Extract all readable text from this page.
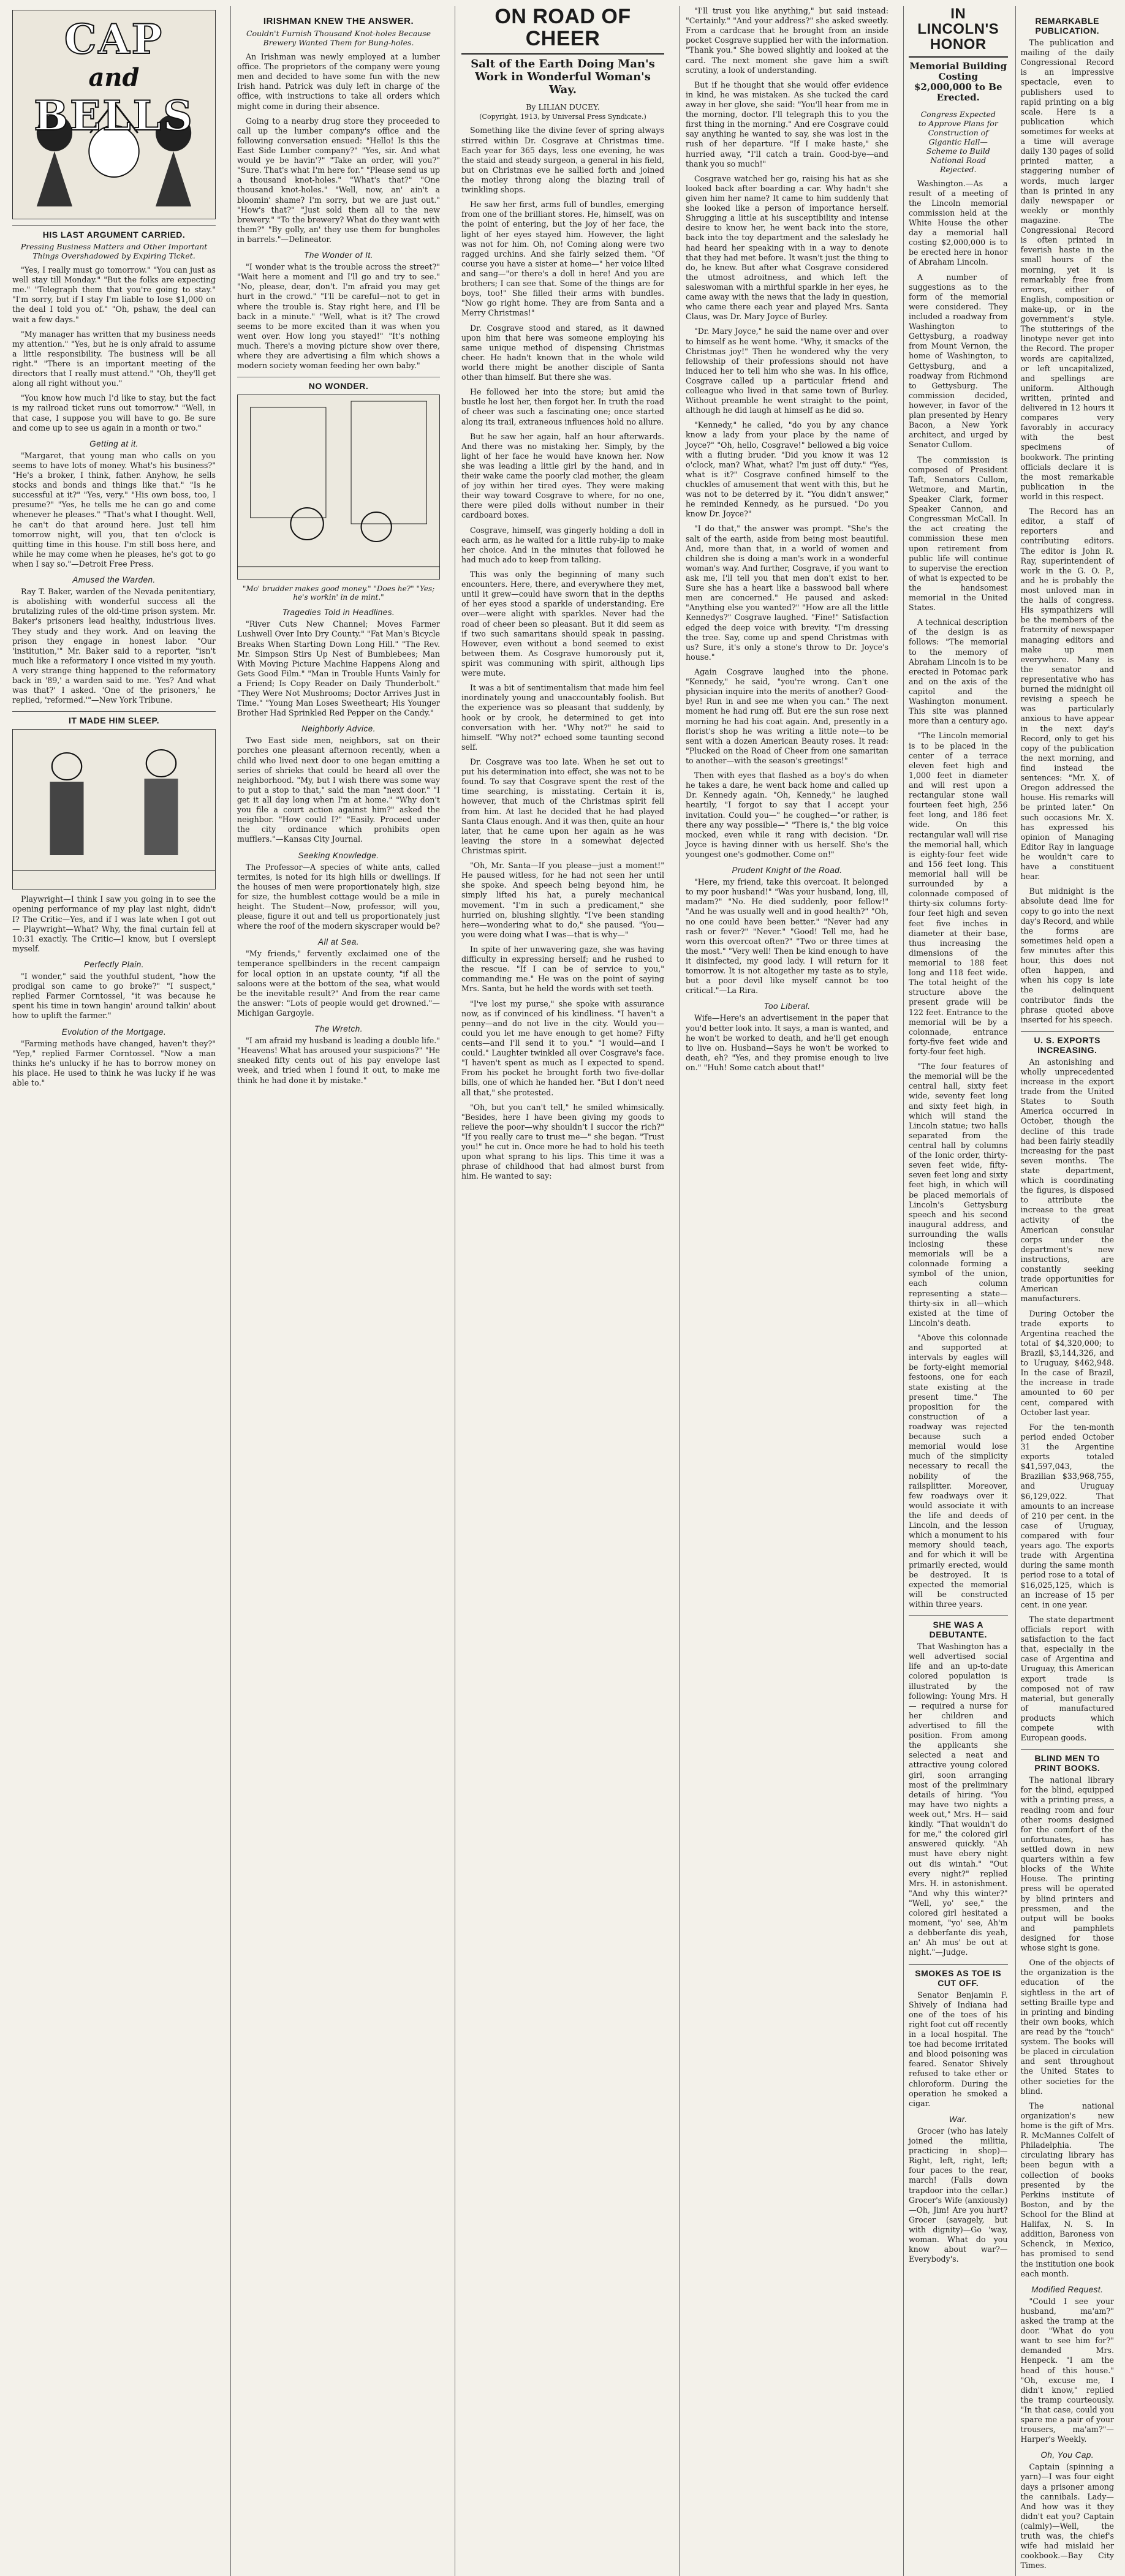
CAP
and
BELLS
HIS LAST ARGUMENT CARRIED.
Pressing Business Matters and Other Important Things Overshadowed by Expiring Ticket.

"Yes, I really must go tomorrow." "You can just as well stay till Monday." "But the folks are expecting me." "Telegraph them that you're going to stay." "I'm sorry, but if I stay I'm liable to lose $1,000 on the deal I told you of." "Oh, pshaw, the deal can wait a few days."

"My manager has written that my business needs my attention." "Yes, but he is only afraid to assume a little responsibility. The business will be all right." "There is an important meeting of the directors that I really must attend." "Oh, they'll get along all right without you."

"You know how much I'd like to stay, but the fact is my railroad ticket runs out tomorrow." "Well, in that case, I suppose you will have to go. Be sure and come up to see us again in a month or two."

Getting at it.

"Margaret, that young man who calls on you seems to have lots of money. What's his business?" "He's a broker, I think, father. Anyhow, he sells stocks and bonds and things like that." "Is he successful at it?" "Yes, very." "His own boss, too, I presume?" "Yes, he tells me he can go and come whenever he pleases." "That's what I thought. Well, he can't do that around here. Just tell him tomorrow night, will you, that ten o'clock is quitting time in this house. I'm still boss here, and while he may come when he pleases, he's got to go when I say so."—Detroit Free Press.

Amused the Warden.

Ray T. Baker, warden of the Nevada penitentiary, is abolishing with wonderful success all the brutalizing rules of the old-time prison system. Mr. Baker's prisoners lead healthy, industrious lives. They study and they work. And on leaving the prison they engage in honest labor. "Our 'institution,'" Mr. Baker said to a reporter, "isn't much like a reformatory I once visited in my youth. A very strange thing happened to the reformatory back in '89,' a warden said to me. 'Yes? And what was that?' I asked. 'One of the prisoners,' he replied, 'reformed.'"—New York Tribune.

IT MADE HIM SLEEP.

Playwright—I think I saw you going in to see the opening performance of my play last night, didn't I? The Critic—Yes, and if I was late when I got out— Playwright—What? Why, the final curtain fell at 10:31 exactly. The Critic—I know, but I overslept myself.

Perfectly Plain.

"I wonder," said the youthful student, "how the prodigal son came to go broke?" "I suspect," replied Farmer Corntossel, "it was because he spent his time in town hangin' around talkin' about how to uplift the farmer."

Evolution of the Mortgage.

"Farming methods have changed, haven't they?" "Yep," replied Farmer Corntossel. "Now a man thinks he's unlucky if he has to borrow money on his place. He used to think he was lucky if he was able to."

IRISHMAN KNEW THE ANSWER.
Couldn't Furnish Thousand Knot-holes Because Brewery Wanted Them for Bung-holes.

An Irishman was newly employed at a lumber office. The proprietors of the company were young men and decided to have some fun with the new Irish hand. Patrick was duly left in charge of the office, with instructions to take all orders which might come in during their absence.

Going to a nearby drug store they proceeded to call up the lumber company's office and the following conversation ensued: "Hello! Is this the East Side Lumber company?" "Yes, sir. And what would ye be havin'?" "Take an order, will you?" "Sure. That's what I'm here for." "Please send us up a thousand knot-holes." "What's that?" "One thousand knot-holes." "Well, now, an' ain't a bloomin' shame? I'm sorry, but we are just out." "How's that?" "Just sold them all to the new brewery." "To the brewery? What do they want with them?" "By golly, an' they use them for bungholes in barrels."—Delineator.

The Wonder of It.

"I wonder what is the trouble across the street?" "Wait here a moment and I'll go and try to see." "No, please, dear, don't. I'm afraid you may get hurt in the crowd." "I'll be careful—not to get in where the trouble is. Stay right here, and I'll be back in a minute." "Well, what is it? The crowd seems to be more excited than it was when you went over. How long you stayed!" "It's nothing much. There's a moving picture show over there, where they are advertising a film which shows a modern society woman feeding her own baby."

NO WONDER.
"Mo' brudder makes good money." "Does he?" "Yes; he's workin' in de mint."
Tragedies Told in Headlines.

"River Cuts New Channel; Moves Farmer Lushwell Over Into Dry County." "Fat Man's Bicycle Breaks When Starting Down Long Hill." "The Rev. Mr. Simpson Stirs Up Nest of Bumblebees; Man With Moving Picture Machine Happens Along and Gets Good Film." "Man in Trouble Hunts Vainly for a Friend; Is Copy Reader on Daily Thunderbolt." "They Were Not Mushrooms; Doctor Arrives Just in Time." "Young Man Loses Sweetheart; His Younger Brother Had Sprinkled Red Pepper on the Candy."

Neighborly Advice.

Two East side men, neighbors, sat on their porches one pleasant afternoon recently, when a child who lived next door to one began emitting a series of shrieks that could be heard all over the neighborhood. "My, but I wish there was some way to put a stop to that," said the man "next door." "I get it all day long when I'm at home." "Why don't you file a court action against him?" asked the neighbor. "How could I?" "Easily. Proceed under the city ordinance which prohibits open mufflers."—Kansas City Journal.

Seeking Knowledge.

The Professor—A species of white ants, called termites, is noted for its high hills or dwellings. If the houses of men were proportionately high, size for size, the humblest cottage would be a mile in height. The Student—Now, professor, will you, please, figure it out and tell us proportionately just where the roof of the modern skyscraper would be?

All at Sea.

"My friends," fervently exclaimed one of the temperance spellbinders in the recent campaign for local option in an upstate county, "if all the saloons were at the bottom of the sea, what would be the inevitable result?" And from the rear came the answer: "Lots of people would get drowned."—Michigan Gargoyle.

The Wretch.

"I am afraid my husband is leading a double life." "Heavens! What has aroused your suspicions?" "He sneaked fifty cents out of his pay envelope last week, and tried when I found it out, to make me think he had done it by mistake."

ON ROAD OF CHEER
Salt of the Earth Doing Man's Work in Wonderful Woman's Way.
By LILIAN DUCEY.
(Copyright, 1913, by Universal Press Syndicate.)

Something like the divine fever of spring always stirred within Dr. Cosgrave at Christmas time. Each year for 365 days, less one evening, he was the staid and steady surgeon, a general in his field, but on Christmas eve he sallied forth and joined the motley throng along the blazing trail of twinkling shops.

He saw her first, arms full of bundles, emerging from one of the brilliant stores. He, himself, was on the point of entering, but the joy of her face, the light of her eyes stayed him. However, the light was not for him. Oh, no! Coming along were two ragged urchins. And she fairly seized them. "Of course you have a sister at home—" her voice lilted and sang—"or there's a doll in here! And you are brothers; I can see that. Some of the things are for boys, too!" She filled their arms with bundles. "Now go right home. They are from Santa and a Merry Christmas!"

Dr. Cosgrave stood and stared, as it dawned upon him that here was someone employing his same unique method of dispensing Christmas cheer. He hadn't known that in the whole wild world there might be another disciple of Santa other than himself. But there she was.

He followed her into the store; but amid the bustle he lost her, then forgot her. In truth the road of cheer was such a fascinating one; once started along its trail, extraneous influences hold no allure.

But he saw her again, half an hour afterwards. And there was no mistaking her. Simply, by the light of her face he would have known her. Now she was leading a little girl by the hand, and in their wake came the poorly clad mother, the gleam of joy within her tired eyes. They were making their way toward Cosgrave to where, for no one, there were piled dolls without number in their cardboard boxes.

Cosgrave, himself, was gingerly holding a doll in each arm, as he waited for a little ruby-lip to make her choice. And in the minutes that followed he had much ado to keep from talking.

This was only the beginning of many such encounters. Here, there, and everywhere they met, until it grew—could have sworn that in the depths of her eyes stood a sparkle of understanding. Ere over—were alight with sparkles. Never had the road of cheer been so pleasant. But it did seem as if two such samaritans should speak in passing. However, even without a bond seemed to exist between them. As Cosgrave humorously put it, spirit was communing with spirit, although lips were mute.

It was a bit of sentimentalism that made him feel inordinately young and unaccountably foolish. But the experience was so pleasant that suddenly, by hook or by crook, he determined to get into conversation with her. "Why not?" he said to himself. "Why not?" echoed some taunting second self.

Dr. Cosgrave was too late. When he set out to put his determination into effect, she was not to be found. To say that Cosgrave spent the rest of the time searching, is misstating. Certain it is, however, that much of the Christmas spirit fell from him. At last he decided that he had played Santa Claus enough. And it was then, quite an hour later, that he came upon her again as he was leaving the store in a somewhat dejected Christmas spirit.

"Oh, Mr. Santa—If you please—just a moment!" He paused witless, for he had not seen her until she spoke. And speech being beyond him, he simply lifted his hat, a purely mechanical movement. "I'm in such a predicament," she hurried on, blushing slightly. "I've been standing here—wondering what to do," she paused. "You—you were doing what I was—that is why—"

In spite of her unwavering gaze, she was having difficulty in expressing herself; and he rushed to the rescue. "If I can be of service to you," commanding me." He was on the point of saying Mrs. Santa, but he held the words with set teeth.

"I've lost my purse," she spoke with assurance now, as if convinced of his kindliness. "I haven't a penny—and do not live in the city. Would you—could you let me have enough to get home? Fifty cents—and I'll send it to you." "I would—and I could." Laughter twinkled all over Cosgrave's face. "I haven't spent as much as I expected to spend. From his pocket he brought forth two five-dollar bills, one of which he handed her. "But I don't need all that," she protested.

"Oh, but you can't tell," he smiled whimsically. "Besides, here I have been giving my goods to relieve the poor—why shouldn't I succor the rich?" "If you really care to trust me—" she began. "Trust you!" he cut in. Once more he had to hold his teeth upon what sprang to his lips. This time it was a phrase of childhood that had almost burst from him. He wanted to say:

"I'll trust you like anything," but said instead: "Certainly." "And your address?" she asked sweetly. From a cardcase that he brought from an inside pocket Cosgrave supplied her with the information. "Thank you." She bowed slightly and looked at the card. The next moment she gave him a swift scrutiny, a look of understanding.

But if he thought that she would offer evidence in kind, he was mistaken. As she tucked the card away in her glove, she said: "You'll hear from me in the morning, doctor. I'll telegraph this to you the first thing in the morning." And ere Cosgrave could say anything he wanted to say, she was lost in the rush of her departure. "If I make haste," she hurried away, "I'll catch a train. Good-bye—and thank you so much!"

Cosgrave watched her go, raising his hat as she looked back after boarding a car. Why hadn't she given him her name? It came to him suddenly that she looked like a person of importance herself. Shrugging a little at his susceptibility and intense desire to know her, he went back into the store, back into the toy department and the saleslady he had heard her speaking with in a way to denote that they had met before. It wasn't just the thing to do, he knew. But after what Cosgrave considered the utmost adroitness, and which left the saleswoman with a mirthful sparkle in her eyes, he came away with the news that the lady in question, who came there each year and played Mrs. Santa Claus, was Dr. Mary Joyce of Burley.

"Dr. Mary Joyce," he said the name over and over to himself as he went home. "Why, it smacks of the Christmas joy!" Then he wondered why the very fellowship of their professions should not have induced her to tell him who she was. In his office, Cosgrave called up a particular friend and colleague who lived in that same town of Burley. Without preamble he went straight to the point, although he did laugh at himself as he did so.

"Kennedy," he called, "do you by any chance know a lady from your place by the name of Joyce?" "Oh, hello, Cosgrave!" bellowed a big voice with a fluting bruder. "Did you know it was 12 o'clock, man? What, what? I'm just off duty." "Yes, what is it?" Cosgrave confined himself to the chuckles of amusement that went with this, but he was not to be deterred by it. "You didn't answer," he reminded Kennedy, as he pursued. "Do you know Dr. Joyce?"

"I do that," the answer was prompt. "She's the salt of the earth, aside from being most beautiful. And, more than that, in a world of women and children she is doing a man's work in a wonderful woman's way. And further, Cosgrave, if you want to ask me, I'll tell you that men don't exist to her. Sure she has a heart like a basswood ball where men are concerned." He paused and asked: "Anything else you wanted?" "How are all the little Kennedys?" Cosgrave laughed. "Fine!" Satisfaction edged the deep voice with brevity. "I'm dressing the tree. Say, come up and spend Christmas with us? Sure, it's only a stone's throw to Dr. Joyce's house."

Again Cosgrave laughed into the phone. "Kennedy," he said, "you're wrong. Can't one physician inquire into the merits of another? Good-bye! Run in and see me when you can." The next moment he had rung off. But ere the sun rose next morning he had his coat again. And, presently in a florist's shop he was writing a little note—to be sent with a dozen American Beauty roses. It read: "Plucked on the Road of Cheer from one samaritan to another—with the season's greetings!"

Then with eyes that flashed as a boy's do when he takes a dare, he went back home and called up Dr. Kennedy again. "Oh, Kennedy," he laughed heartily, "I forgot to say that I accept your invitation. Could you—" he coughed—"or rather, is there any way possible—" "There is," the big voice mocked, even while it rang with decision. "Dr. Joyce is having dinner with us herself. She's the youngest one's godmother. Come on!"

Prudent Knight of the Road.

"Here, my friend, take this overcoat. It belonged to my poor husband!" "Was your husband, long, ill, madam?" "No. He died suddenly, poor fellow!" "And he was usually well and in good health?" "Oh, no one could have been better." "Never had any rash or fever?" "Never." "Good! Tell me, had he worn this overcoat often?" "Two or three times at the most." "Very well! Then be kind enough to have it disinfected, my good lady. I will return for it tomorrow. It is not altogether my taste as to style, but a poor devil like myself cannot be too critical."—La Rira.

Too Liberal.

Wife—Here's an advertisement in the paper that you'd better look into. It says, a man is wanted, and he won't be worked to death, and he'll get enough to live on. Husband—Says he won't be worked to death, eh? "Yes, and they promise enough to live on." "Huh! Some catch about that!"

IN LINCOLN'S HONOR
Memorial Building Costing $2,000,000 to Be Erected.
Congress Expected to Approve Plans for Construction of Gigantic Hall—Scheme to Build National Road Rejected.

Washington.—As a result of a meeting of the Lincoln memorial commission held at the White House the other day a memorial hall costing $2,000,000 is to be erected here in honor of Abraham Lincoln.

A number of suggestions as to the form of the memorial were considered. They included a roadway from Washington to Gettysburg, a roadway from Mount Vernon, the home of Washington, to Gettysburg, and a roadway from Richmond to Gettysburg. The commission decided, however, in favor of the plan presented by Henry Bacon, a New York architect, and urged by Senator Cullom.

The commission is composed of President Taft, Senators Cullom, Wetmore, and Martin, Speaker Clark, former Speaker Cannon, and Congressman McCall. In the act creating the commission these men upon retirement from public life will continue to supervise the erection of what is expected to be the handsomest memorial in the United States.

A technical description of the design is as follows: "The memorial to the memory of Abraham Lincoln is to be erected in Potomac park and on the axis of the capitol and the Washington monument. This site was planned more than a century ago.

"The Lincoln memorial is to be placed in the center of a terrace eleven feet high and 1,000 feet in diameter and will rest upon a rectangular stone wall fourteen feet high, 256 feet long, and 186 feet wide. On this rectangular wall will rise the memorial hall, which is eighty-four feet wide and 156 feet long. This memorial hall will be surrounded by a colonnade composed of thirty-six columns forty-four feet high and seven feet five inches in diameter at their base, thus increasing the dimensions of the memorial to 188 feet long and 118 feet wide. The total height of the structure above the present grade will be 122 feet. Entrance to the memorial will be by a colonnade, entrance forty-five feet wide and forty-four feet high.

"The four features of the memorial will be the central hall, sixty feet wide, seventy feet long and sixty feet high, in which will stand the Lincoln statue; two halls separated from the central hall by columns of the Ionic order, thirty-seven feet wide, fifty-seven feet long and sixty feet high, in which will be placed memorials of Lincoln's Gettysburg speech and his second inaugural address, and surrounding the walls inclosing these memorials will be a colonnade forming a symbol of the union, each column representing a state—thirty-six in all—which existed at the time of Lincoln's death.

"Above this colonnade and supported at intervals by eagles will be forty-eight memorial festoons, one for each state existing at the present time." The proposition for the construction of a roadway was rejected because such a memorial would lose much of the simplicity necessary to recall the nobility of the railsplitter. Moreover, few roadways over it would associate it with the life and deeds of Lincoln, and the lesson which a monument to his memory should teach, and for which it will be primarily erected, would be destroyed. It is expected the memorial will be constructed within three years.

SHE WAS A DEBUTANTE.

That Washington has a well advertised social life and an up-to-date colored population is illustrated by the following: Young Mrs. H— required a nurse for her children and advertised to fill the position. From among the applicants she selected a neat and attractive young colored girl, soon arranging most of the preliminary details of hiring. "You may have two nights a week out," Mrs. H— said kindly. "That wouldn't do for me," the colored girl answered quickly. "Ah must have ebery night out dis wintah." "Out every night?" replied Mrs. H. in astonishment. "And why this winter?" "Well, yo' see," the colored girl hesitated a moment, "yo' see, Ah'm a debberfante dis yeah, an' Ah mus' be out at night."—Judge.

SMOKES AS TOE IS CUT OFF.

Senator Benjamin F. Shively of Indiana had one of the toes of his right foot cut off recently in a local hospital. The toe had become irritated and blood poisoning was feared. Senator Shively refused to take ether or chloroform. During the operation he smoked a cigar.

War.

Grocer (who has lately joined the militia, practicing in shop)—Right, left, right, left; four paces to the rear, march! (Falls down trapdoor into the cellar.) Grocer's Wife (anxiously)—Oh, Jim! Are you hurt? Grocer (savagely, but with dignity)—Go 'way, woman. What do you know about war?—Everybody's.

REMARKABLE PUBLICATION.

The publication and mailing of the daily Congressional Record is an impressive spectacle, even to publishers used to rapid printing on a big scale. Here is a publication which sometimes for weeks at a time will average daily 130 pages of solid printed matter, a staggering number of words, much larger than is printed in any daily newspaper or weekly or monthly magazine. The Congressional Record is often printed in feverish haste in the small hours of the morning, yet it is remarkably free from errors, either of English, composition or make-up, or in the government's style. The stutterings of the linotype never get into the Record. The proper words are capitalized, or left uncapitalized, and spellings are uniform. Although written, printed and delivered in 12 hours it compares very favorably in accuracy with the best specimens of bookwork. The printing officials declare it is the most remarkable publication in the world in this respect.

The Record has an editor, a staff of reporters and contributing editors. The editor is John R. Ray, superintendent of work in the G. O. P., and he is probably the most unloved man in the halls of congress. His sympathizers will be the members of the fraternity of newspaper managing editors and make up men everywhere. Many is the senator and representative who has burned the midnight oil revising a speech he was particularly anxious to have appear in the next day's Record, only to get his copy of the publication the next morning, and find instead the sentences: "Mr. X. of Oregon addressed the house. His remarks will be printed later." On such occasions Mr. X. has expressed his opinion of Managing Editor Ray in language he wouldn't care to have a constituent hear.

But midnight is the absolute dead line for copy to go into the next day's Record, and while the forms are sometimes held open a few minutes after this hour, this does not often happen, and when his copy is late the delinquent contributor finds the phrase quoted above inserted for his speech.

U. S. EXPORTS INCREASING.

An astonishing and wholly unprecedented increase in the export trade from the United States to South America occurred in October, though the decline of this trade had been fairly steadily increasing for the past seven months. The state department, which is coordinating the figures, is disposed to attribute the increase to the great activity of the American consular corps under the department's new instructions, are constantly seeking trade opportunities for American manufacturers.

During October the trade exports to Argentina reached the total of $4,320,000; to Brazil, $3,144,326, and to Uruguay, $462,948. In the case of Brazil, the increase in trade amounted to 60 per cent, compared with October last year.

For the ten-month period ended October 31 the Argentine exports totaled $41,597,043, the Brazilian $33,968,755, and Uruguay $6,129,022. That amounts to an increase of 210 per cent. in the case of Uruguay, compared with four years ago. The exports trade with Argentina during the same month period rose to a total of $16,025,125, which is an increase of 15 per cent. in one year.

The state department officials report with satisfaction to the fact that, especially in the case of Argentina and Uruguay, this American export trade is composed not of raw material, but generally of manufactured products which compete with European goods.

BLIND MEN TO PRINT BOOKS.

The national library for the blind, equipped with a printing press, a reading room and four other rooms designed for the comfort of the unfortunates, has settled down in new quarters within a few blocks of the White House. The printing press will be operated by blind printers and pressmen, and the output will be books and pamphlets designed for those whose sight is gone.

One of the objects of the organization is the education of the sightless in the art of setting Braille type and in printing and binding their own books, which are read by the "touch" system. The books will be placed in circulation and sent throughout the United States to other societies for the blind.

The national organization's new home is the gift of Mrs. R. McMannes Colfelt of Philadelphia. The circulating library has been begun with a collection of books presented by the Perkins institute of Boston, and by the School for the Blind at Halifax, N. S. In addition, Baroness von Schenck, in Mexico, has promised to send the institution one book each month.

Modified Request.

"Could I see your husband, ma'am?" asked the tramp at the door. "What do you want to see him for?" demanded Mrs. Henpeck. "I am the head of this house." "Oh, excuse me, I didn't know," replied the tramp courteously. "In that case, could you spare me a pair of your trousers, ma'am?"—Harper's Weekly.

Oh, You Cap.

Captain (spinning a yarn)—I was four eight days a prisoner among the cannibals. Lady—And how was it they didn't eat you? Captain (calmly)—Well, the truth was, the chief's wife had mislaid her cookbook.—Bay City Times.
